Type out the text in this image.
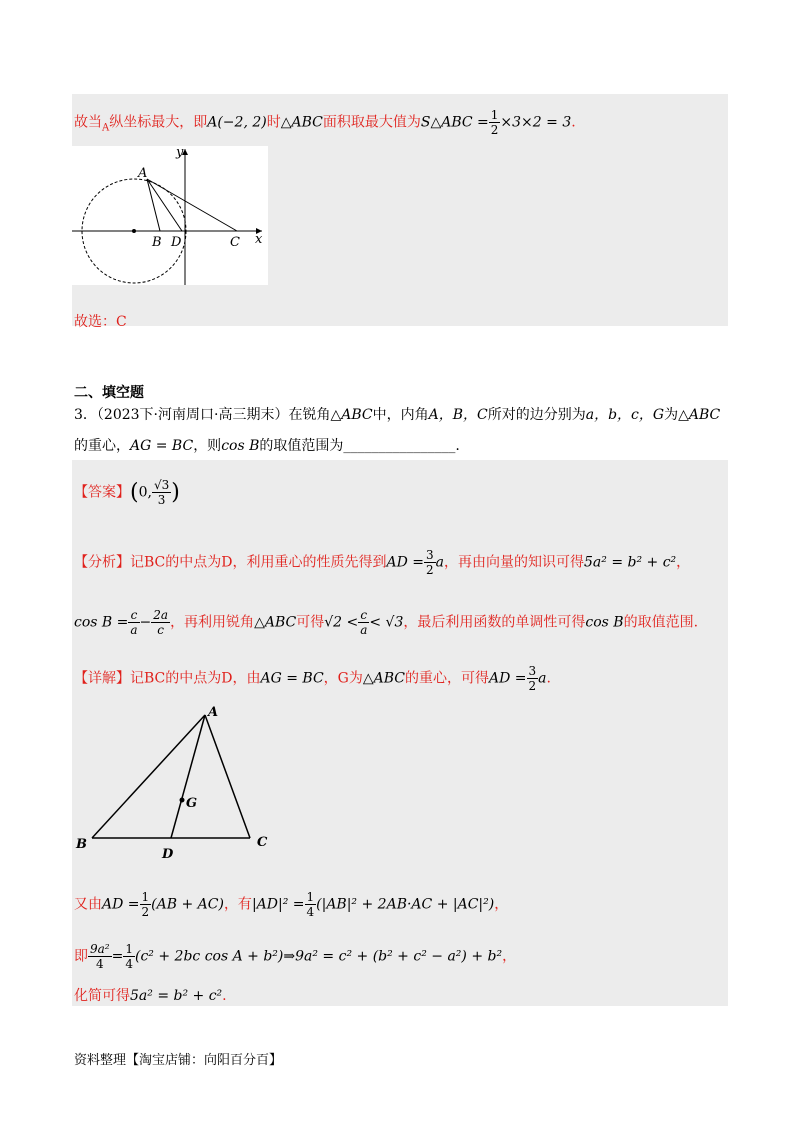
故当$_A$纵坐标最大，即A(−2, 2)时△ABC面积取最大值为S△ABC = $\frac{1}{2} \times 3\times 2 = 3$.
y
x
A
B D	C
故选：C
二、填空题
3．（2023下·河南周口·高三期末）在锐角△ABC中，内角A，B，C所对的边分别为a，b，c，G为△ABC
的重心，AG = BC，则cos B的取值范围为________________.
【答案】(0, $\frac{√3}{3}$ )
【分析】记BC的中点为D，利用重心的性质先得到AD = $\frac{3}{2}$ a，再由向量的知识可得5a² = b² + c²，
$\cos B = \frac{c}{a} - \frac{2a}{c}$ ，再利用锐角△ABC可得$√2 < \frac{c}{a} < √3$，最后利用函数的单调性可得cos B的取值范围.
【详解】记BC的中点为D，由AG = BC，G为△ABC的重心，可得AD = $\frac{3}{2} a$.
A
G
B
D
C
又由AD = $\frac{1}{2} (AB + AC)$，有$|AD|^2 = \frac{1}{4} (|AB|^2 + 2AB\cdot AC + |AC|^2)$，
即 $\frac{\text{9a²}}{4} = \frac{1}{4} (c^2 + 2bc$ cos A + b²)⇒9a² = c² + (b² + c² − a²) + b²，
化简可得5a² = b² + c².
资料整理【淘宝店铺：向阳百分百】
